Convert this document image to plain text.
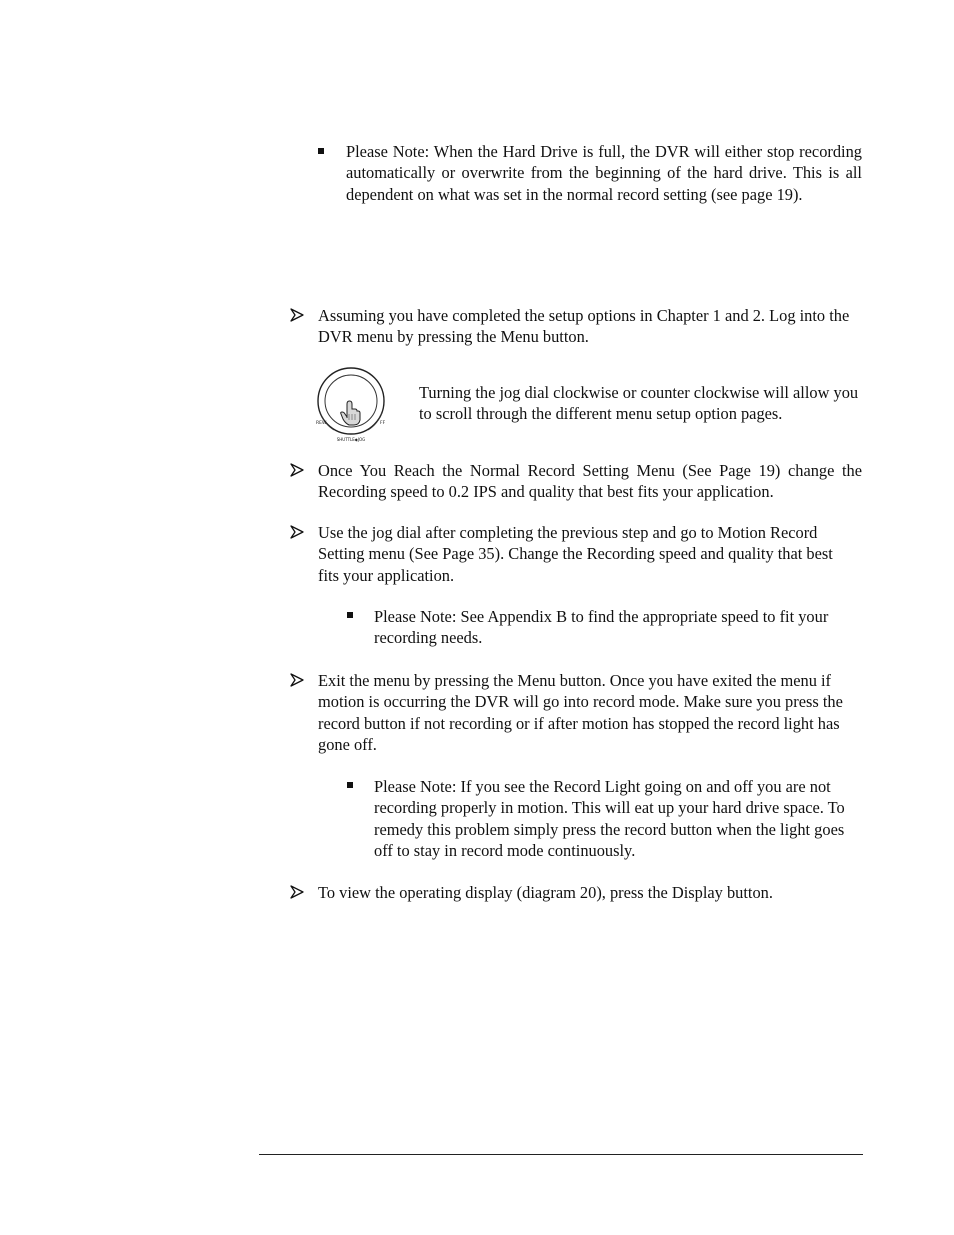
Please Note: When the Hard Drive is full, the DVR will either stop recording automatically or overwrite from the beginning of the hard drive. This is all dependent on what was set in the normal record setting (see page 19).
Assuming you have completed the setup options in Chapter 1 and 2. Log into the DVR menu by pressing the Menu button.
REW	FF
SHUTTLE◆JOG
Turning the jog dial clockwise or counter clockwise will allow you to scroll through the different menu setup option pages.
Once You Reach the Normal Record Setting Menu (See Page 19) change the Recording speed to 0.2 IPS and quality that best fits your application.
Use the jog dial after completing the previous step and go to Motion Record Setting menu (See Page 35). Change the Recording speed and quality that best fits your application.
Please Note: See Appendix B to find the appropriate speed to fit your recording needs.
Exit the menu by pressing the Menu button. Once you have exited the menu if motion is occurring the DVR will go into record mode. Make sure you press the record button if not recording or if after motion has stopped the record light has gone off.
Please Note: If you see the Record Light going on and off you are not recording properly in motion. This will eat up your hard drive space. To remedy this problem simply press the record button when the light goes off to stay in record mode continuously.
To view the operating display (diagram 20), press the Display button.
